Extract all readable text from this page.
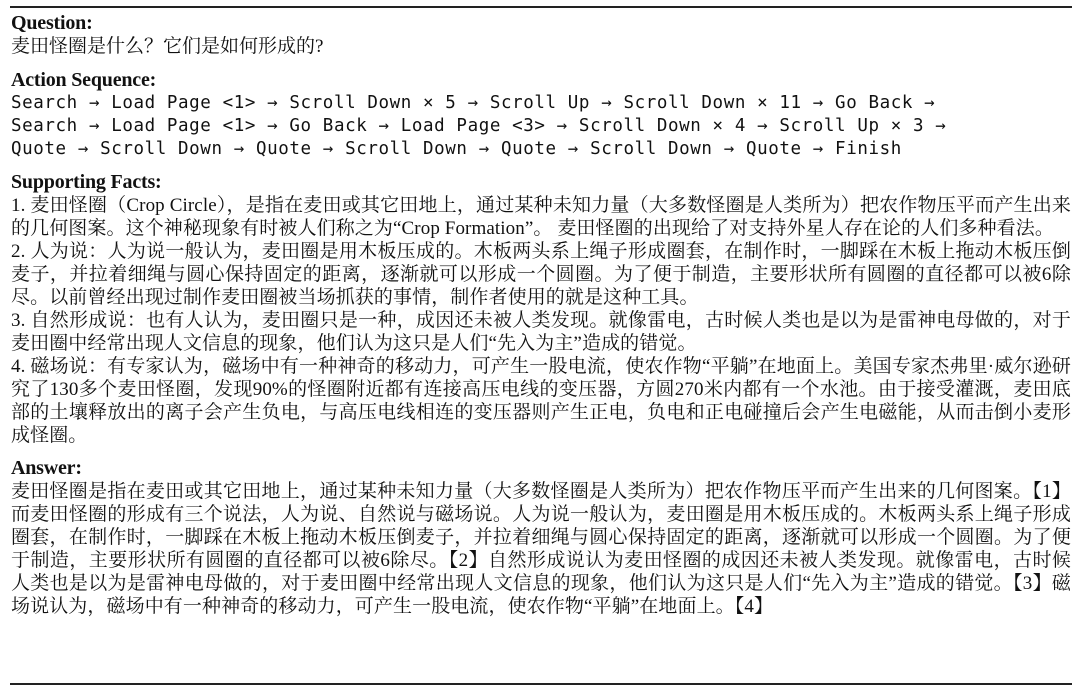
Question:

麦田怪圈是什么？它们是如何形成的?

Action Sequence:

Search → Load Page <1> → Scroll Down × 5 → Scroll Up → Scroll Down × 11 → Go Back →
Search → Load Page <1> → Go Back → Load Page <3> → Scroll Down × 4 → Scroll Up × 3 →
Quote → Scroll Down → Quote → Scroll Down → Quote → Scroll Down → Quote → Finish

Supporting Facts:

1. 麦田怪圈（Crop Circle），是指在麦田或其它田地上，通过某种未知力量（大多数怪圈是人类所为）把农作物压平而产生出来的几何图案。这个神秘现象有时被人们称之为“Crop Formation”。 麦田怪圈的出现给了对支持外星人存在论的人们多种看法。
2. 人为说：人为说一般认为，麦田圈是用木板压成的。木板两头系上绳子形成圈套，在制作时，一脚踩在木板上拖动木板压倒麦子，并拉着细绳与圆心保持固定的距离，逐渐就可以形成一个圆圈。为了便于制造，主要形状所有圆圈的直径都可以被6除尽。以前曾经出现过制作麦田圈被当场抓获的事情，制作者使用的就是这种工具。
3. 自然形成说：也有人认为，麦田圈只是一种，成因还未被人类发现。就像雷电，古时候人类也是以为是雷神电母做的，对于麦田圈中经常出现人文信息的现象，他们认为这只是人们“先入为主”造成的错觉。
4. 磁场说：有专家认为，磁场中有一种神奇的移动力，可产生一股电流，使农作物“平躺”在地面上。美国专家杰弗里·威尔逊研究了130多个麦田怪圈，发现90%的怪圈附近都有连接高压电线的变压器，方圆270米内都有一个水池。由于接受灌溉，麦田底部的土壤释放出的离子会产生负电，与高压电线相连的变压器则产生正电，负电和正电碰撞后会产生电磁能，从而击倒小麦形成怪圈。

Answer:

麦田怪圈是指在麦田或其它田地上，通过某种未知力量（大多数怪圈是人类所为）把农作物压平而产生出来的几何图案。【1】而麦田怪圈的形成有三个说法，人为说、自然说与磁场说。人为说一般认为，麦田圈是用木板压成的。木板两头系上绳子形成圈套，在制作时，一脚踩在木板上拖动木板压倒麦子，并拉着细绳与圆心保持固定的距离，逐渐就可以形成一个圆圈。为了便于制造，主要形状所有圆圈的直径都可以被6除尽。【2】自然形成说认为麦田怪圈的成因还未被人类发现。就像雷电，古时候人类也是以为是雷神电母做的，对于麦田圈中经常出现人文信息的现象，他们认为这只是人们“先入为主”造成的错觉。【3】磁场说认为，磁场中有一种神奇的移动力，可产生一股电流，使农作物“平躺”在地面上。【4】
